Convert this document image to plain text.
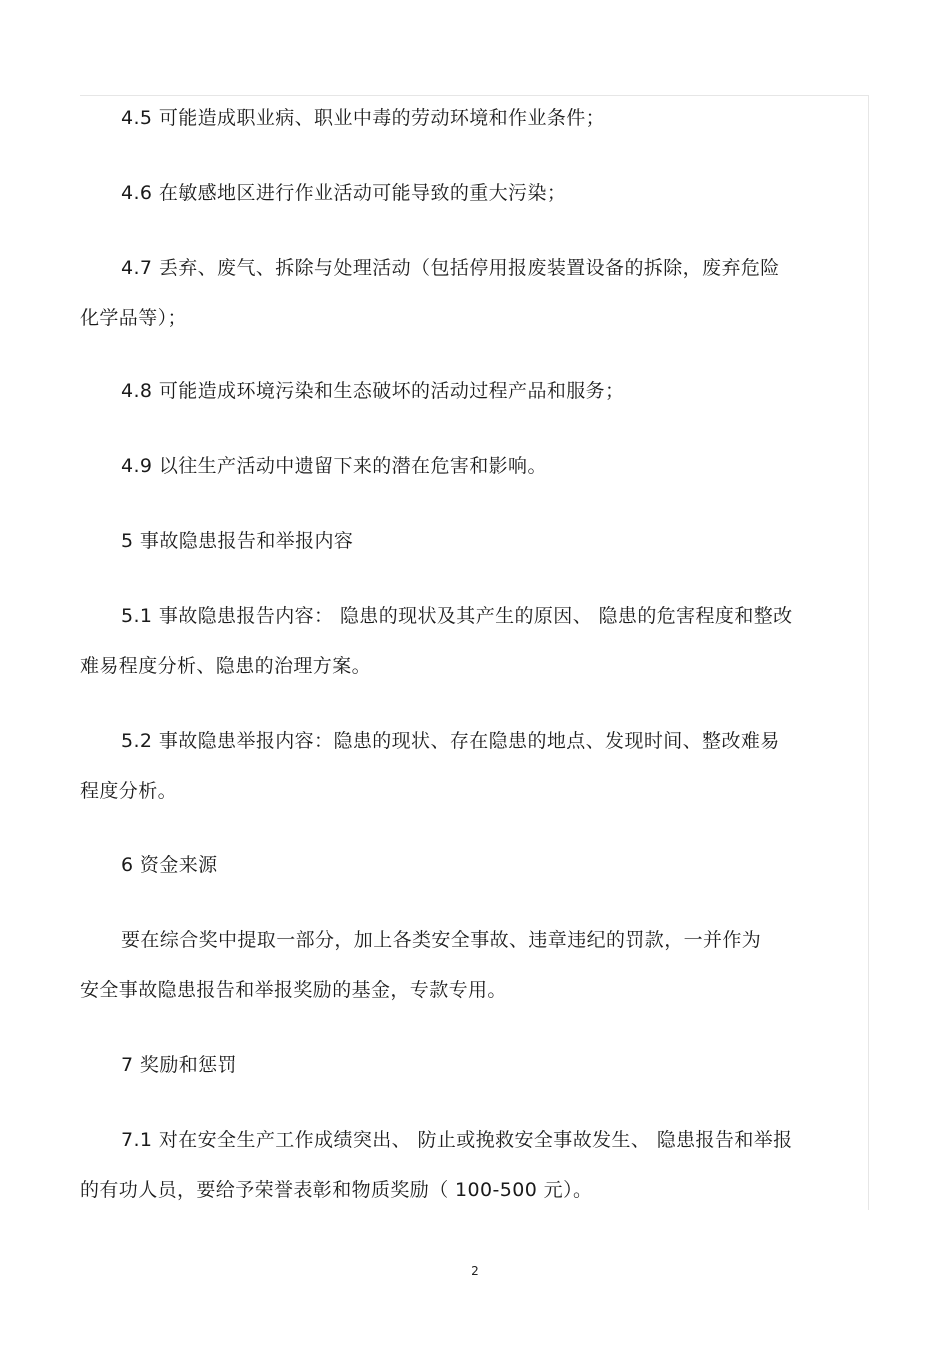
4.5 可能造成职业病、职业中毒的劳动环境和作业条件；
4.6 在敏感地区进行作业活动可能导致的重大污染；
4.7 丢弃、废气、拆除与处理活动（包括停用报废装置设备的拆除，废弃危险
化学品等）；
4.8 可能造成环境污染和生态破坏的活动过程产品和服务；
4.9 以往生产活动中遗留下来的潜在危害和影响。
5 事故隐患报告和举报内容
5.1 事故隐患报告内容： 隐患的现状及其产生的原因、 隐患的危害程度和整改
难易程度分析、隐患的治理方案。
5.2 事故隐患举报内容：隐患的现状、存在隐患的地点、发现时间、整改难易
程度分析。
6 资金来源
要在综合奖中提取一部分，加上各类安全事故、违章违纪的罚款，一并作为
安全事故隐患报告和举报奖励的基金，专款专用。
7 奖励和惩罚
7.1 对在安全生产工作成绩突出、 防止或挽救安全事故发生、 隐患报告和举报
的有功人员，要给予荣誉表彰和物质奖励（ 100-500 元）。
2
